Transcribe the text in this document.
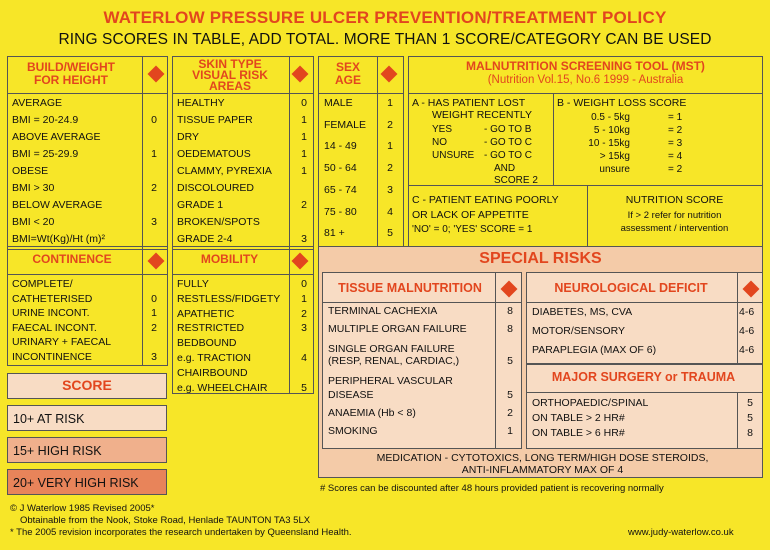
WATERLOW PRESSURE ULCER PREVENTION/TREATMENT POLICY
RING SCORES IN TABLE, ADD TOTAL. MORE THAN 1 SCORE/CATEGORY CAN BE USED
BUILD/WEIGHT
FOR HEIGHT
SKIN TYPE
VISUAL RISK
AREAS
SEX
AGE
MALNUTRITION SCREENING TOOL (MST)
(Nutrition Vol.15, No.6 1999 - Australia
CONTINENCE	MOBILITY	SPECIAL RISKS
TISSUE MALNUTRITION	NEUROLOGICAL DEFICIT
MAJOR SURGERY or TRAUMA
MEDICATION - CYTOTOXICS, LONG TERM/HIGH DOSE STEROIDS,
ANTI-INFLAMMATORY MAX OF 4
SCORE
10+ AT RISK
15+ HIGH RISK
20+ VERY HIGH RISK	# Scores can be discounted after 48 hours provided patient is recovering normally
© J Waterlow 1985 Revised 2005*
Obtainable from the Nook, Stoke Road, Henlade TAUNTON TA3 5LX
* The 2005 revision incorporates the research undertaken by Queensland Health.	www.judy-waterlow.co.uk
AVERAGE
BMI = 20-24.9	0
ABOVE AVERAGE
BMI = 25-29.9	1
OBESE
BMI > 30	2
BELOW AVERAGE
BMI < 20	3
BMI=Wt(Kg)/Ht (m)²
HEALTHY	0
TISSUE PAPER	1
DRY	1
OEDEMATOUS	1
CLAMMY, PYREXIA	1
DISCOLOURED
GRADE 1	2
BROKEN/SPOTS
GRADE 2-4	3
MALE	1
FEMALE	2
14 - 49	1
50 - 64	2
65 - 74	3
75 - 80	4
81 +	5
A - HAS PATIENT LOST
WEIGHT RECENTLY
YES	- GO TO B
NO	- GO TO C
UNSURE - GO TO C
AND
SCORE 2
B - WEIGHT LOSS SCORE
0.5 - 5kg	= 1
5 - 10kg	= 2
10 - 15kg	= 3
> 15kg	= 4
unsure	= 2
C - PATIENT EATING POORLY
OR LACK OF APPETITE
'NO' = 0; 'YES' SCORE = 1
NUTRITION SCORE
If > 2 refer for nutrition
assessment / intervention
COMPLETE/
CATHETERISED	0
URINE INCONT.	1
FAECAL INCONT.	2
URINARY + FAECAL
INCONTINENCE	3
FULLY	0
RESTLESS/FIDGETY	1
APATHETIC	2
RESTRICTED	3
BEDBOUND
e.g. TRACTION	4
CHAIRBOUND
e.g. WHEELCHAIR	5
TERMINAL CACHEXIA	8
MULTIPLE ORGAN FAILURE	8
SINGLE ORGAN FAILURE
(RESP, RENAL, CARDIAC,)	5
PERIPHERAL VASCULAR
DISEASE	5
ANAEMIA (Hb < 8)	2
SMOKING	1
DIABETES, MS, CVA	4-6
MOTOR/SENSORY	4-6
PARAPLEGIA (MAX OF 6)	4-6
ORTHOPAEDIC/SPINAL	5
ON TABLE > 2 HR#	5
ON TABLE > 6 HR#	8
